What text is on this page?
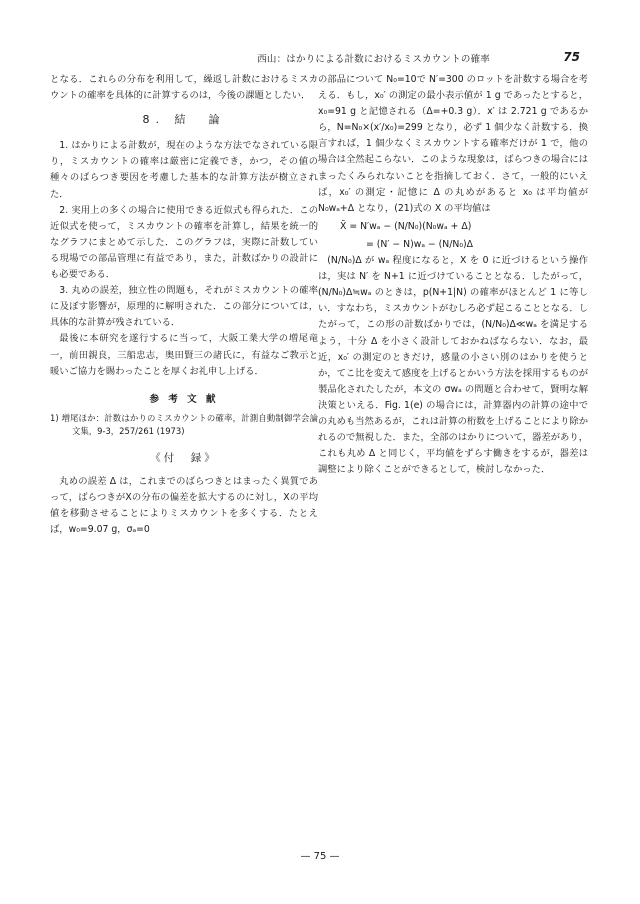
西山：はかりによる計数におけるミスカウントの確率	75

となる．これらの分布を利用して，繰返し計数におけるミスカウントの確率を具体的に計算するのは，今後の課題としたい．

8. 結　論

1. はかりによる計数が，現在のような方法でなされている限り，ミスカウントの確率は厳密に定義でき，かつ，その値の種々のばらつき要因を考慮した基本的な計算方法が樹立された．

2. 実用上の多くの場合に使用できる近似式も得られた．この近似式を使って，ミスカウントの確率を計算し，結果を統一的なグラフにまとめて示した．このグラフは，実際に計数している現場での部品管理に有益であり，また，計数ばかりの設計にも必要である．

3. 丸めの誤差，独立性の問題も，それがミスカウントの確率に及ぼす影響が，原理的に解明された．この部分については，具体的な計算が残されている．

最後に本研究を遂行するに当って，大阪工業大学の増尾竜一，前田親良，三船忠志，奥田賢三の諸氏に，有益なご教示と暖いご協力を賜わったことを厚くお礼申し上げる．

参 考 文 献

1) 増尾ほか：計数はかりのミスカウントの確率，計測自動制御学会論文集，9-3，257/261 (1973)

《付　録》

丸めの誤差 Δ は，これまでのばらつきとはまったく異質であって，ばらつきがXの分布の偏差を拡大するのに対し，Xの平均値を移動させることによりミスカウントを多くする．たとえば，w₀=9.07 g，σₐ=0

の部品について N₀=10で N′=300 のロットを計数する場合を考える．もし，x₀′ の測定の最小表示値が 1 g であったとすると，x₀=91 g と記憶される（Δ=+0.3 g）．x′ は 2.721 g であるから，N=N₀×(x′/x₀)=299 となり，必ず 1 個少なく計数する．換言すれば，1 個少なくミスカウントする確率だけが 1 で，他の場合は全然起こらない．このような現象は，ばらつきの場合にはまったくみられないことを指摘しておく．さて，一般的にいえば，x₀′ の測定・記憶に Δ の丸めがあると x₀ は平均値が N₀wₐ+Δ となり，(21)式の X の平均値は

X̄ = N′wₐ − (N/N₀)(N₀wₐ + Δ)

= (N′ − N)wₐ − (N/N₀)Δ

(N/N₀)Δ が wₐ 程度になると，X を 0 に近づけるという操作は，実は N′ を N+1 に近づけていることとなる．したがって，(N/N₀)Δ≒wₐ のときは，p(N+1|N) の確率がほとんど 1 に等しい．すなわち，ミスカウントがむしろ必ず起こることとなる．したがって，この形の計数ばかりでは，(N/N₀)Δ≪wₐ を満足するよう，十分 Δ を小さく設計しておかねばならない．なお，最近，x₀′ の測定のときだけ，感量の小さい別のはかりを使うとか，てこ比を変えて感度を上げるとかいう方法を採用するものが製品化されたしたが，本文の σwₐ の問題と合わせて，賢明な解決策といえる．Fig. 1(e) の場合には，計算器内の計算の途中での丸めも当然あるが，これは計算の桁数を上げることにより除かれるので無視した．また，全部のはかりについて，器差があり，これも丸め Δ と同じく，平均値をずらす働きをするが，器差は調整により除くことができるとして，検討しなかった．

— 75 —
